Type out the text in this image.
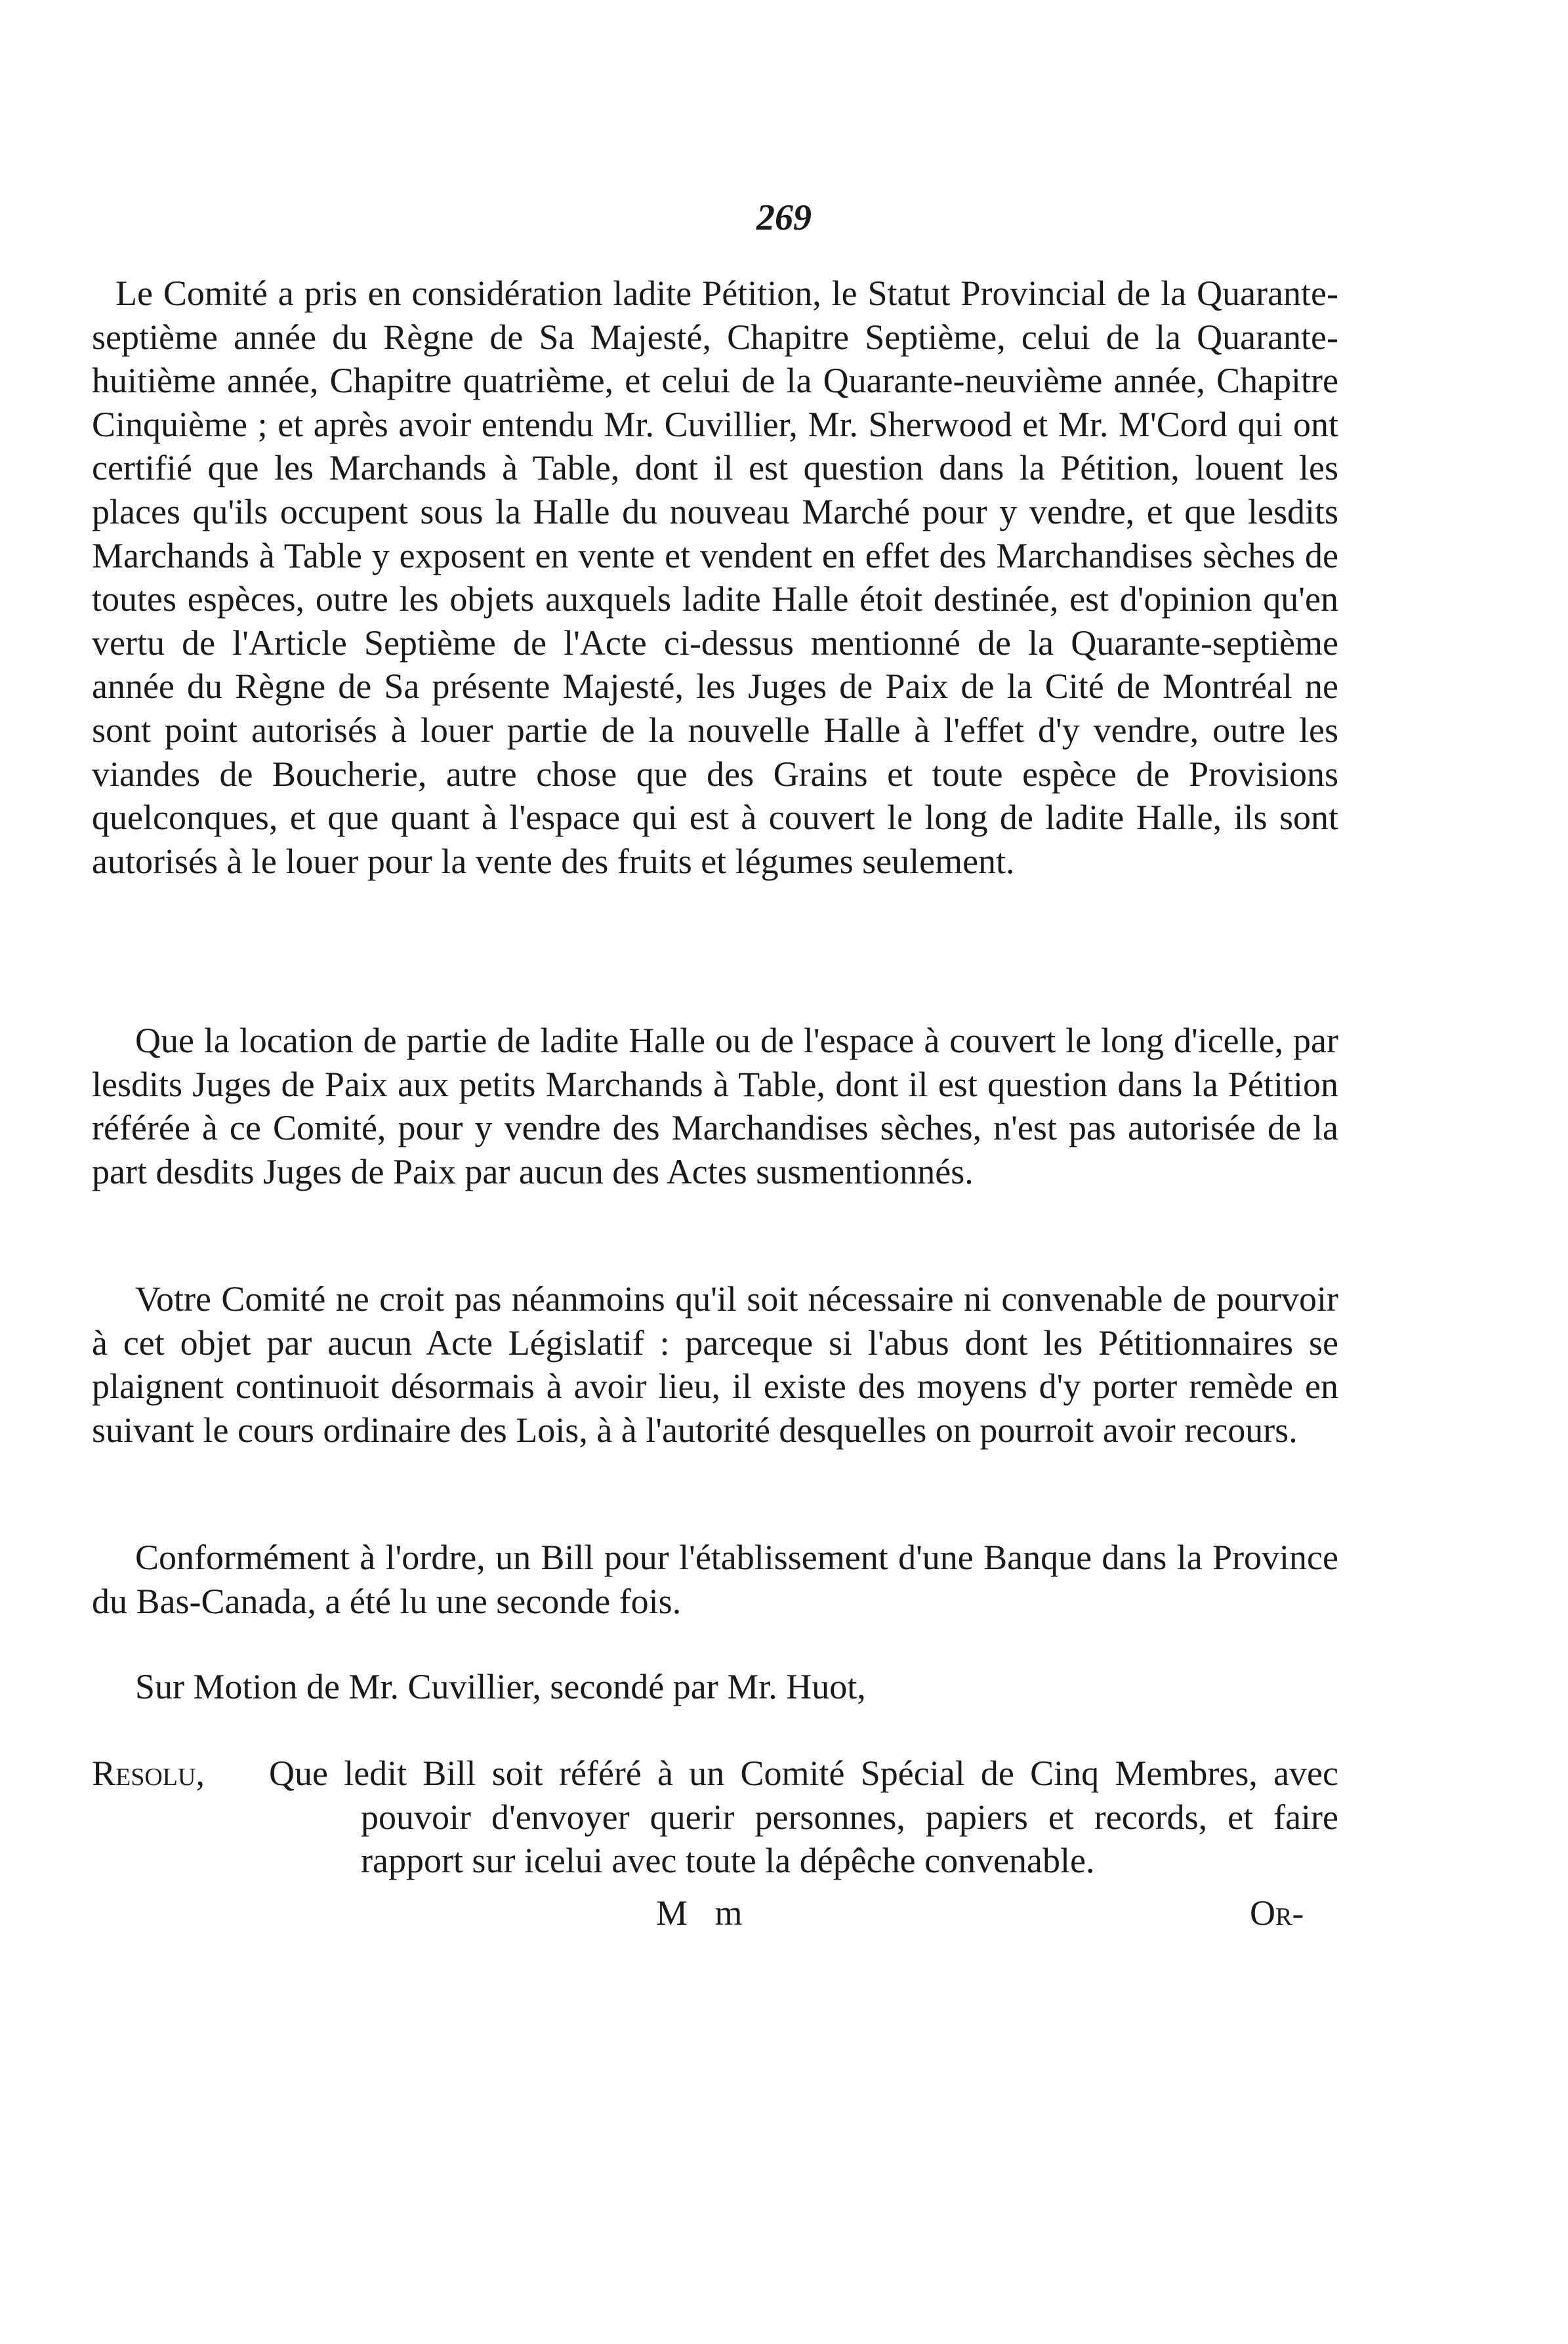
269

Le Comité a pris en considération ladite Pétition, le Statut Provincial de la Quarante-septième année du Règne de Sa Majesté, Chapitre Septième, celui de la Quarante-huitième année, Chapitre quatrième, et celui de la Quarante-neuvième année, Chapitre Cinquième ; et après avoir entendu Mr. Cuvillier, Mr. Sherwood et Mr. M'Cord qui ont certifié que les Marchands à Table, dont il est question dans la Pétition, louent les places qu'ils occupent sous la Halle du nouveau Marché pour y vendre, et que lesdits Marchands à Table y exposent en vente et vendent en effet des Marchandises sèches de toutes espèces, outre les objets auxquels ladite Halle étoit destinée, est d'opinion qu'en vertu de l'Article Septième de l'Acte ci-dessus mentionné de la Quarante-septième année du Règne de Sa présente Majesté, les Juges de Paix de la Cité de Montréal ne sont point autorisés à louer partie de la nouvelle Halle à l'effet d'y vendre, outre les viandes de Boucherie, autre chose que des Grains et toute espèce de Provisions quelconques, et que quant à l'espace qui est à couvert le long de ladite Halle, ils sont autorisés à le louer pour la vente des fruits et légumes seulement.

Que la location de partie de ladite Halle ou de l'espace à couvert le long d'icelle, par lesdits Juges de Paix aux petits Marchands à Table, dont il est question dans la Pétition référée à ce Comité, pour y vendre des Marchandises sèches, n'est pas autorisée de la part desdits Juges de Paix par aucun des Actes susmentionnés.

Votre Comité ne croit pas néanmoins qu'il soit nécessaire ni convenable de pourvoir à cet objet par aucun Acte Législatif : parceque si l'abus dont les Pétitionnaires se plaignent continuoit désormais à avoir lieu, il existe des moyens d'y porter remède en suivant le cours ordinaire des Lois, à à l'autorité desquelles on pourroit avoir recours.

Conformément à l'ordre, un Bill pour l'établissement d'une Banque dans la Province du Bas-Canada, a été lu une seconde fois.

Sur Motion de Mr. Cuvillier, secondé par Mr. Huot,

Resolu, Que ledit Bill soit référé à un Comité Spécial de Cinq Membres, avec pouvoir d'envoyer querir personnes, papiers et records, et faire rapport sur icelui avec toute la dépêche convenable.

M m	Or-
